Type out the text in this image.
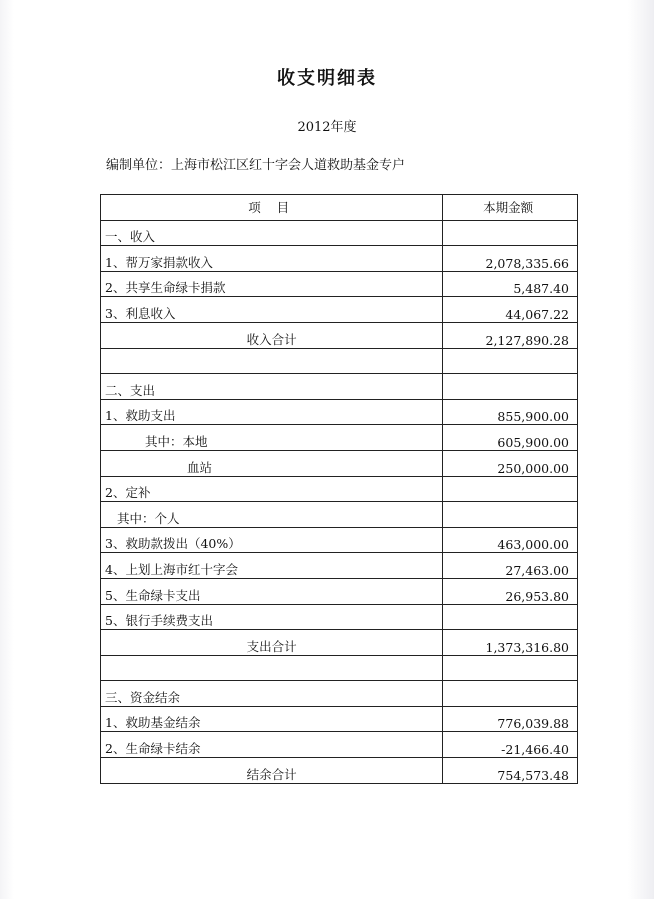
收支明细表
2012年度
编制单位：上海市松江区红十字会人道救助基金专户
项 目	本期金额
一、收入	
1、帮万家捐款收入	2,078,335.66
2、共享生命绿卡捐款	5,487.40
3、利息收入	44,067.22
收入合计	2,127,890.28

二、支出	
1、救助支出	855,900.00
其中：本地	605,900.00
血站	250,000.00
2、定补	
其中：个人	
3、救助款拨出（40%）	463,000.00
4、上划上海市红十字会	27,463.00
5、生命绿卡支出	26,953.80
5、银行手续费支出	
支出合计	1,373,316.80

三、资金结余	
1、救助基金结余	776,039.88
2、生命绿卡结余	-21,466.40
结余合计	754,573.48
